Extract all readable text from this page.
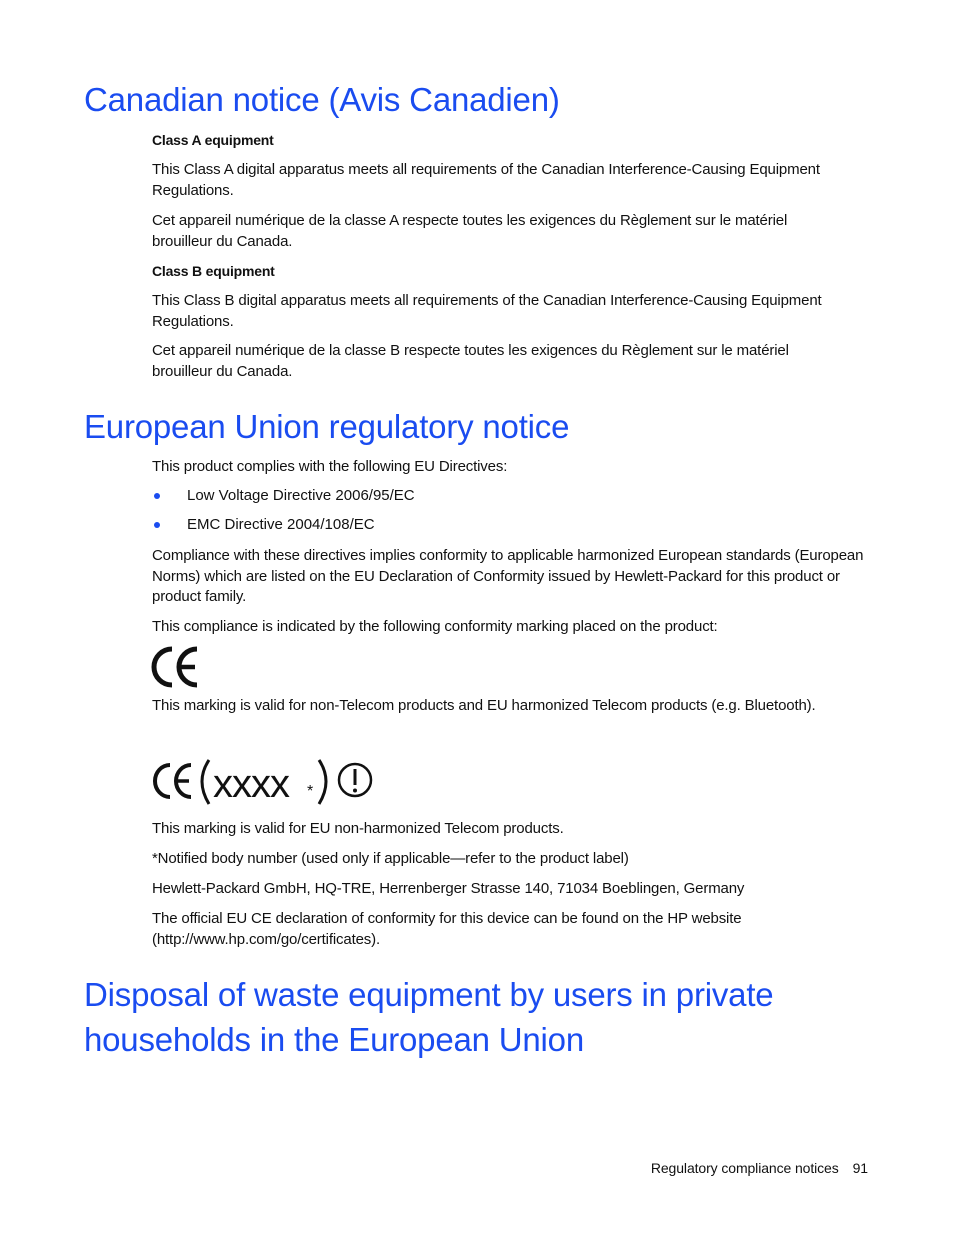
Canadian notice (Avis Canadien)
Class A equipment
This Class A digital apparatus meets all requirements of the Canadian Interference-Causing Equipment Regulations.
Cet appareil numérique de la classe A respecte toutes les exigences du Règlement sur le matériel brouilleur du Canada.
Class B equipment
This Class B digital apparatus meets all requirements of the Canadian Interference-Causing Equipment Regulations.
Cet appareil numérique de la classe B respecte toutes les exigences du Règlement sur le matériel brouilleur du Canada.
European Union regulatory notice
This product complies with the following EU Directives:
Low Voltage Directive 2006/95/EC
EMC Directive 2004/108/EC
Compliance with these directives implies conformity to applicable harmonized European standards (European Norms) which are listed on the EU Declaration of Conformity issued by Hewlett-Packard for this product or product family.
This compliance is indicated by the following conformity marking placed on the product:
This marking is valid for non-Telecom products and EU harmonized Telecom products (e.g. Bluetooth).
xxxx *
This marking is valid for EU non-harmonized Telecom products.
*Notified body number (used only if applicable—refer to the product label)
Hewlett-Packard GmbH, HQ-TRE, Herrenberger Strasse 140, 71034 Boeblingen, Germany
The official EU CE declaration of conformity for this device can be found on the HP website (http://www.hp.com/go/certificates).
Disposal of waste equipment by users in private households in the European Union
Regulatory compliance notices 91
